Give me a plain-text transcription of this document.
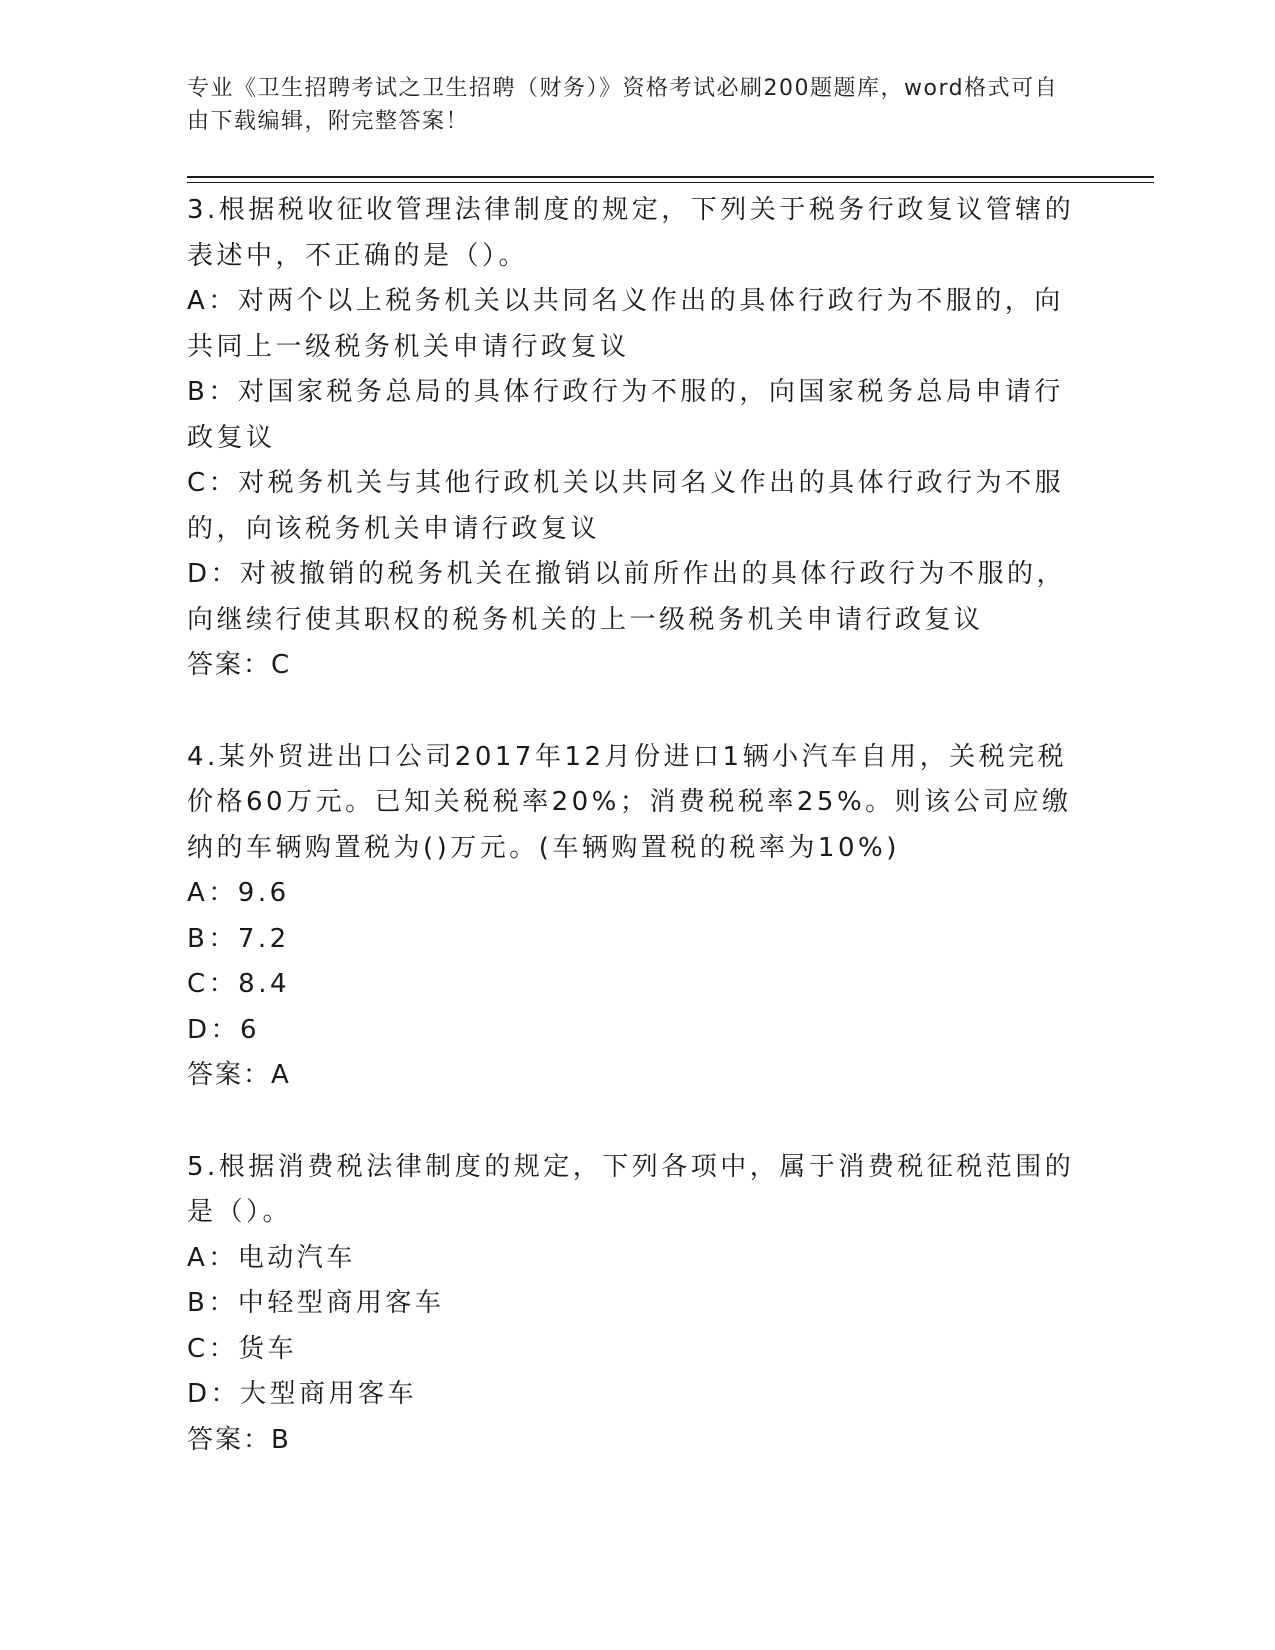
专业《卫生招聘考试之卫生招聘（财务）》资格考试必刷200题题库，word格式可自由下载编辑，附完整答案！

3.根据税收征收管理法律制度的规定，下列关于税务行政复议管辖的表述中，不正确的是（）。

A：对两个以上税务机关以共同名义作出的具体行政行为不服的，向共同上一级税务机关申请行政复议

B：对国家税务总局的具体行政行为不服的，向国家税务总局申请行政复议

C：对税务机关与其他行政机关以共同名义作出的具体行政行为不服的，向该税务机关申请行政复议

D：对被撤销的税务机关在撤销以前所作出的具体行政行为不服的，向继续行使其职权的税务机关的上一级税务机关申请行政复议

答案：C

4.某外贸进出口公司2017年12月份进口1辆小汽车自用，关税完税价格60万元。已知关税税率20%；消费税税率25%。则该公司应缴纳的车辆购置税为()万元。(车辆购置税的税率为10%)

A：9.6

B：7.2

C：8.4

D：6

答案：A

5.根据消费税法律制度的规定，下列各项中，属于消费税征税范围的是（）。

A：电动汽车

B：中轻型商用客车

C：货车

D：大型商用客车

答案：B
